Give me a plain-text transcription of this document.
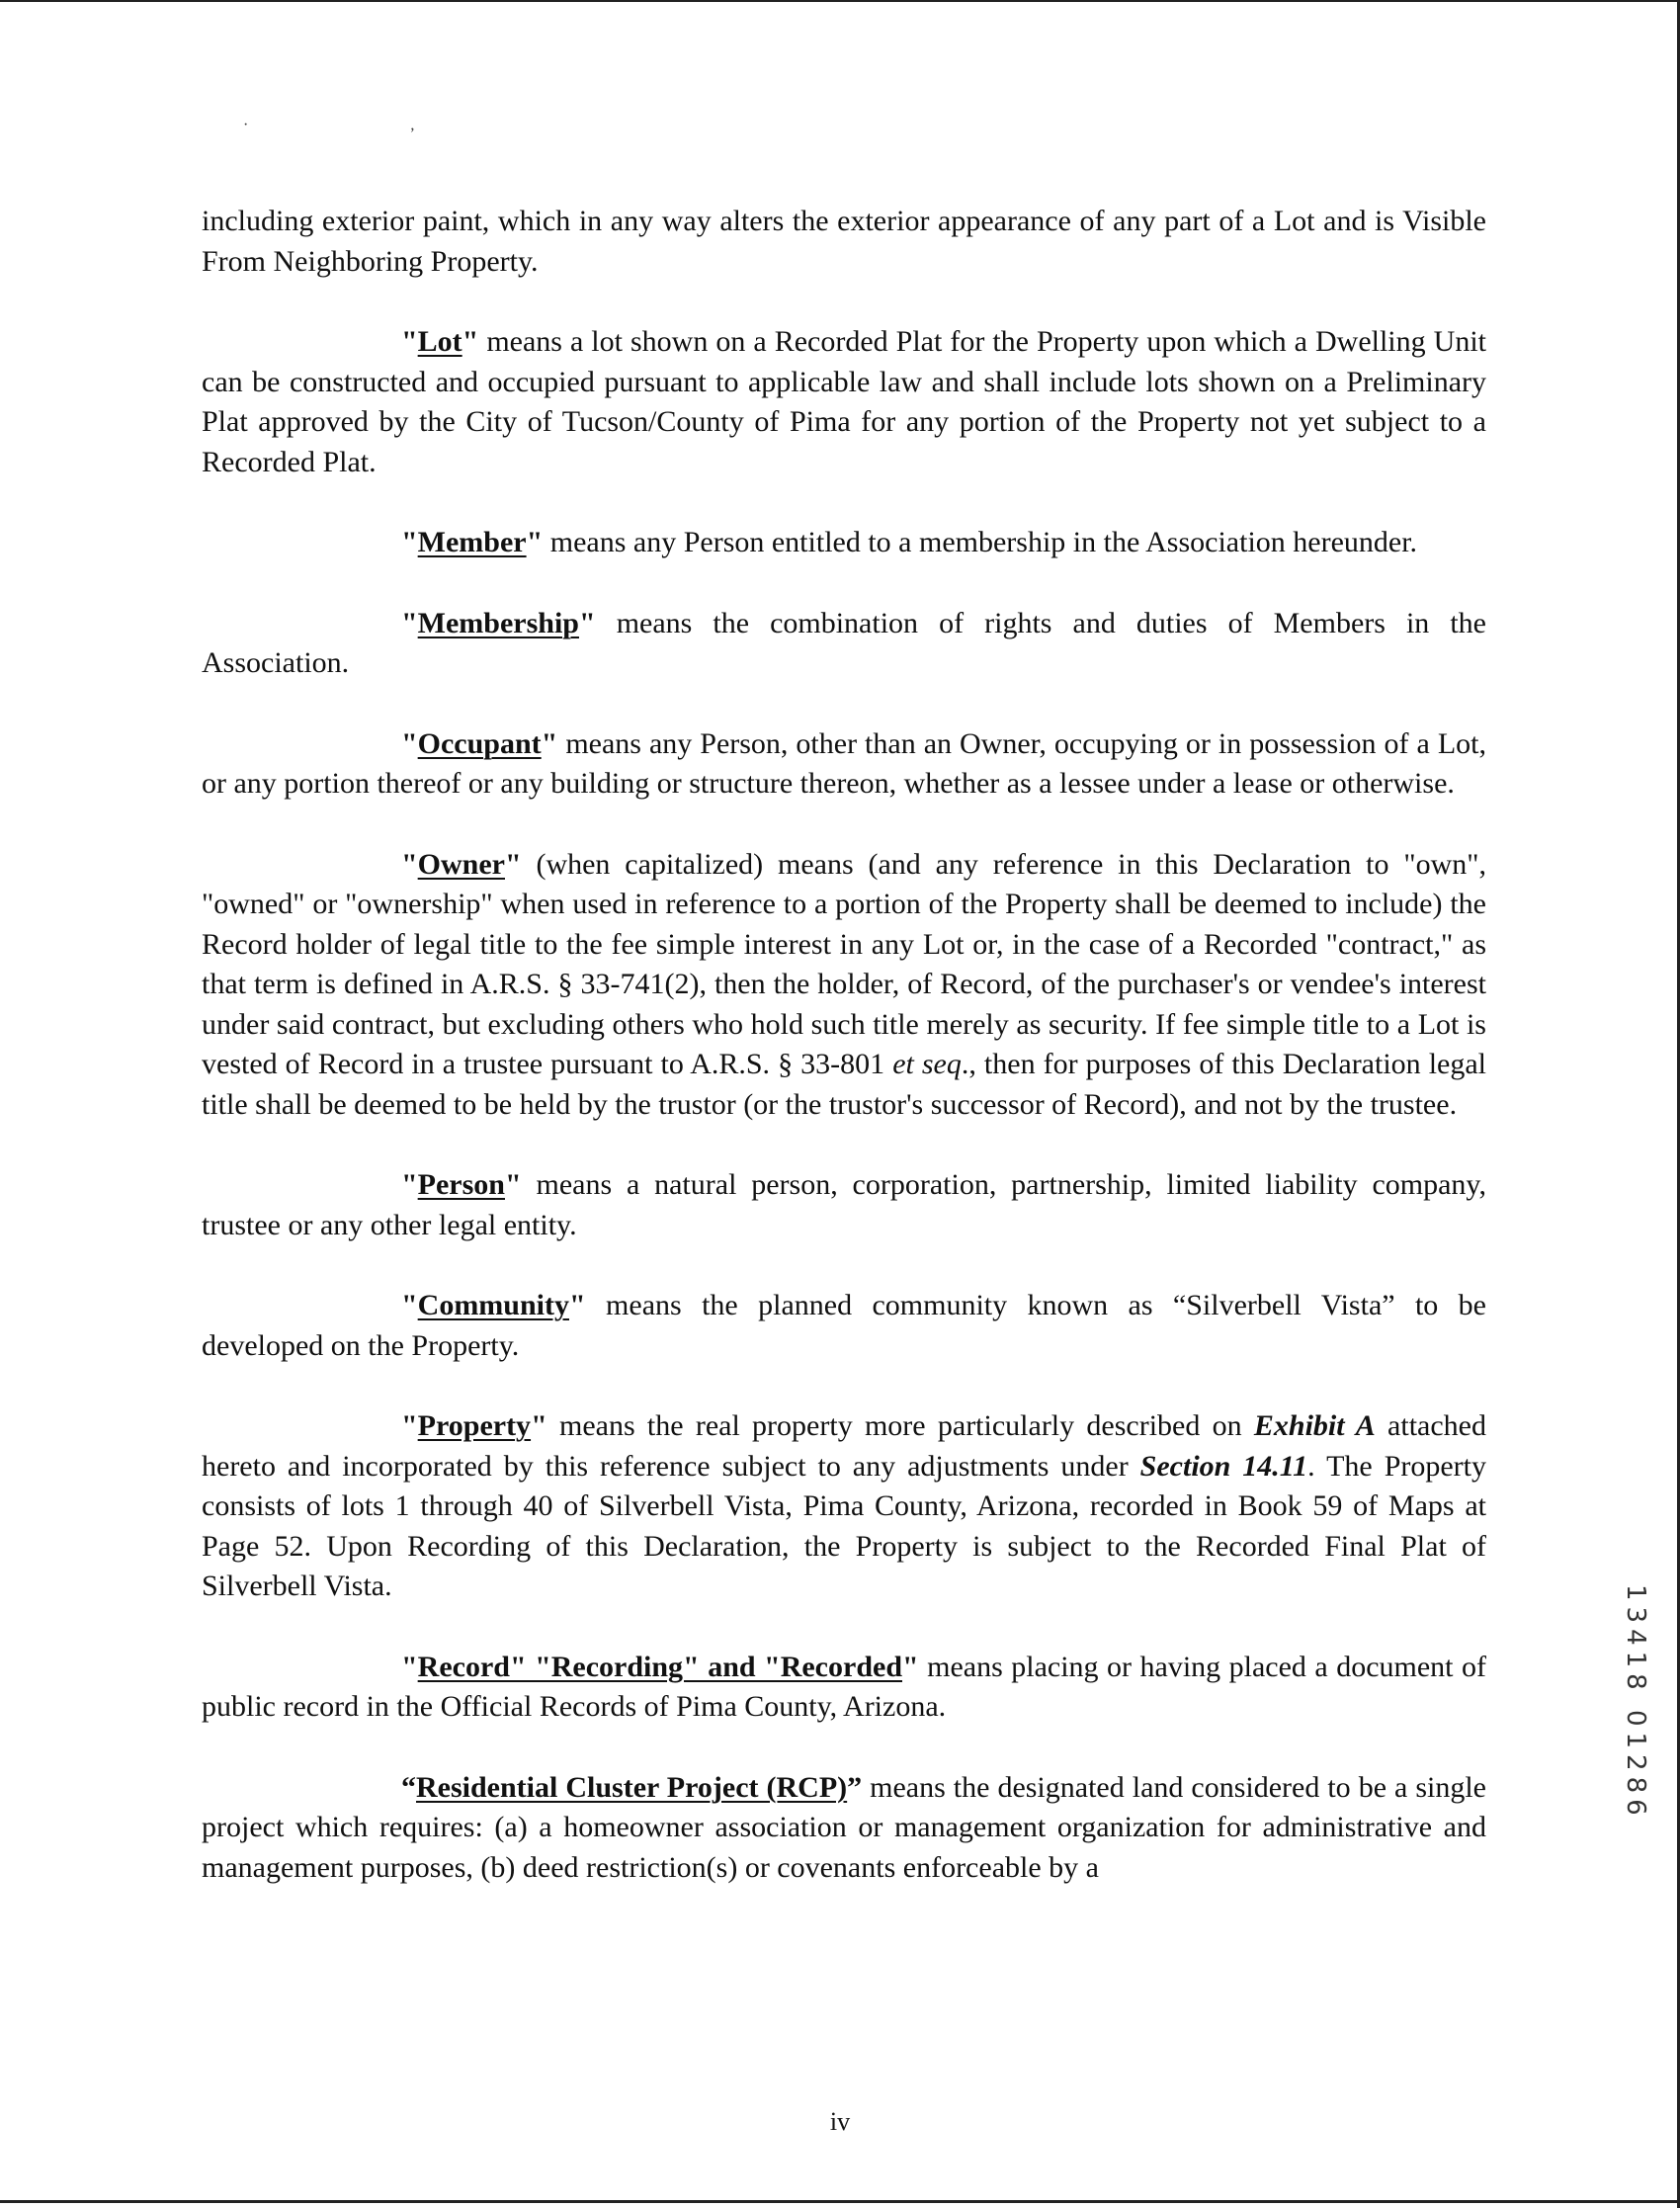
· ,

including exterior paint, which in any way alters the exterior appearance of any part of a Lot and is Visible From Neighboring Property.

"Lot" means a lot shown on a Recorded Plat for the Property upon which a Dwelling Unit can be constructed and occupied pursuant to applicable law and shall include lots shown on a Preliminary Plat approved by the City of Tucson/County of Pima for any portion of the Property not yet subject to a Recorded Plat.

"Member" means any Person entitled to a membership in the Association hereunder.

"Membership" means the combination of rights and duties of Members in the Association.

"Occupant" means any Person, other than an Owner, occupying or in possession of a Lot, or any portion thereof or any building or structure thereon, whether as a lessee under a lease or otherwise.

"Owner" (when capitalized) means (and any reference in this Declaration to "own", "owned" or "ownership" when used in reference to a portion of the Property shall be deemed to include) the Record holder of legal title to the fee simple interest in any Lot or, in the case of a Recorded "contract," as that term is defined in A.R.S. § 33-741(2), then the holder, of Record, of the purchaser's or vendee's interest under said contract, but excluding others who hold such title merely as security. If fee simple title to a Lot is vested of Record in a trustee pursuant to A.R.S. § 33-801 et seq., then for purposes of this Declaration legal title shall be deemed to be held by the trustor (or the trustor's successor of Record), and not by the trustee.

"Person" means a natural person, corporation, partnership, limited liability company, trustee or any other legal entity.

"Community" means the planned community known as “Silverbell Vista” to be developed on the Property.

"Property" means the real property more particularly described on Exhibit A attached hereto and incorporated by this reference subject to any adjustments under Section 14.11. The Property consists of lots 1 through 40 of Silverbell Vista, Pima County, Arizona, recorded in Book 59 of Maps at Page 52. Upon Recording of this Declaration, the Property is subject to the Recorded Final Plat of Silverbell Vista.

"Record" "Recording" and "Recorded" means placing or having placed a document of public record in the Official Records of Pima County, Arizona.

“Residential Cluster Project (RCP)” means the designated land considered to be a single project which requires: (a) a homeowner association or management organization for administrative and management purposes, (b) deed restriction(s) or covenants enforceable by a

13418 01286
iv
